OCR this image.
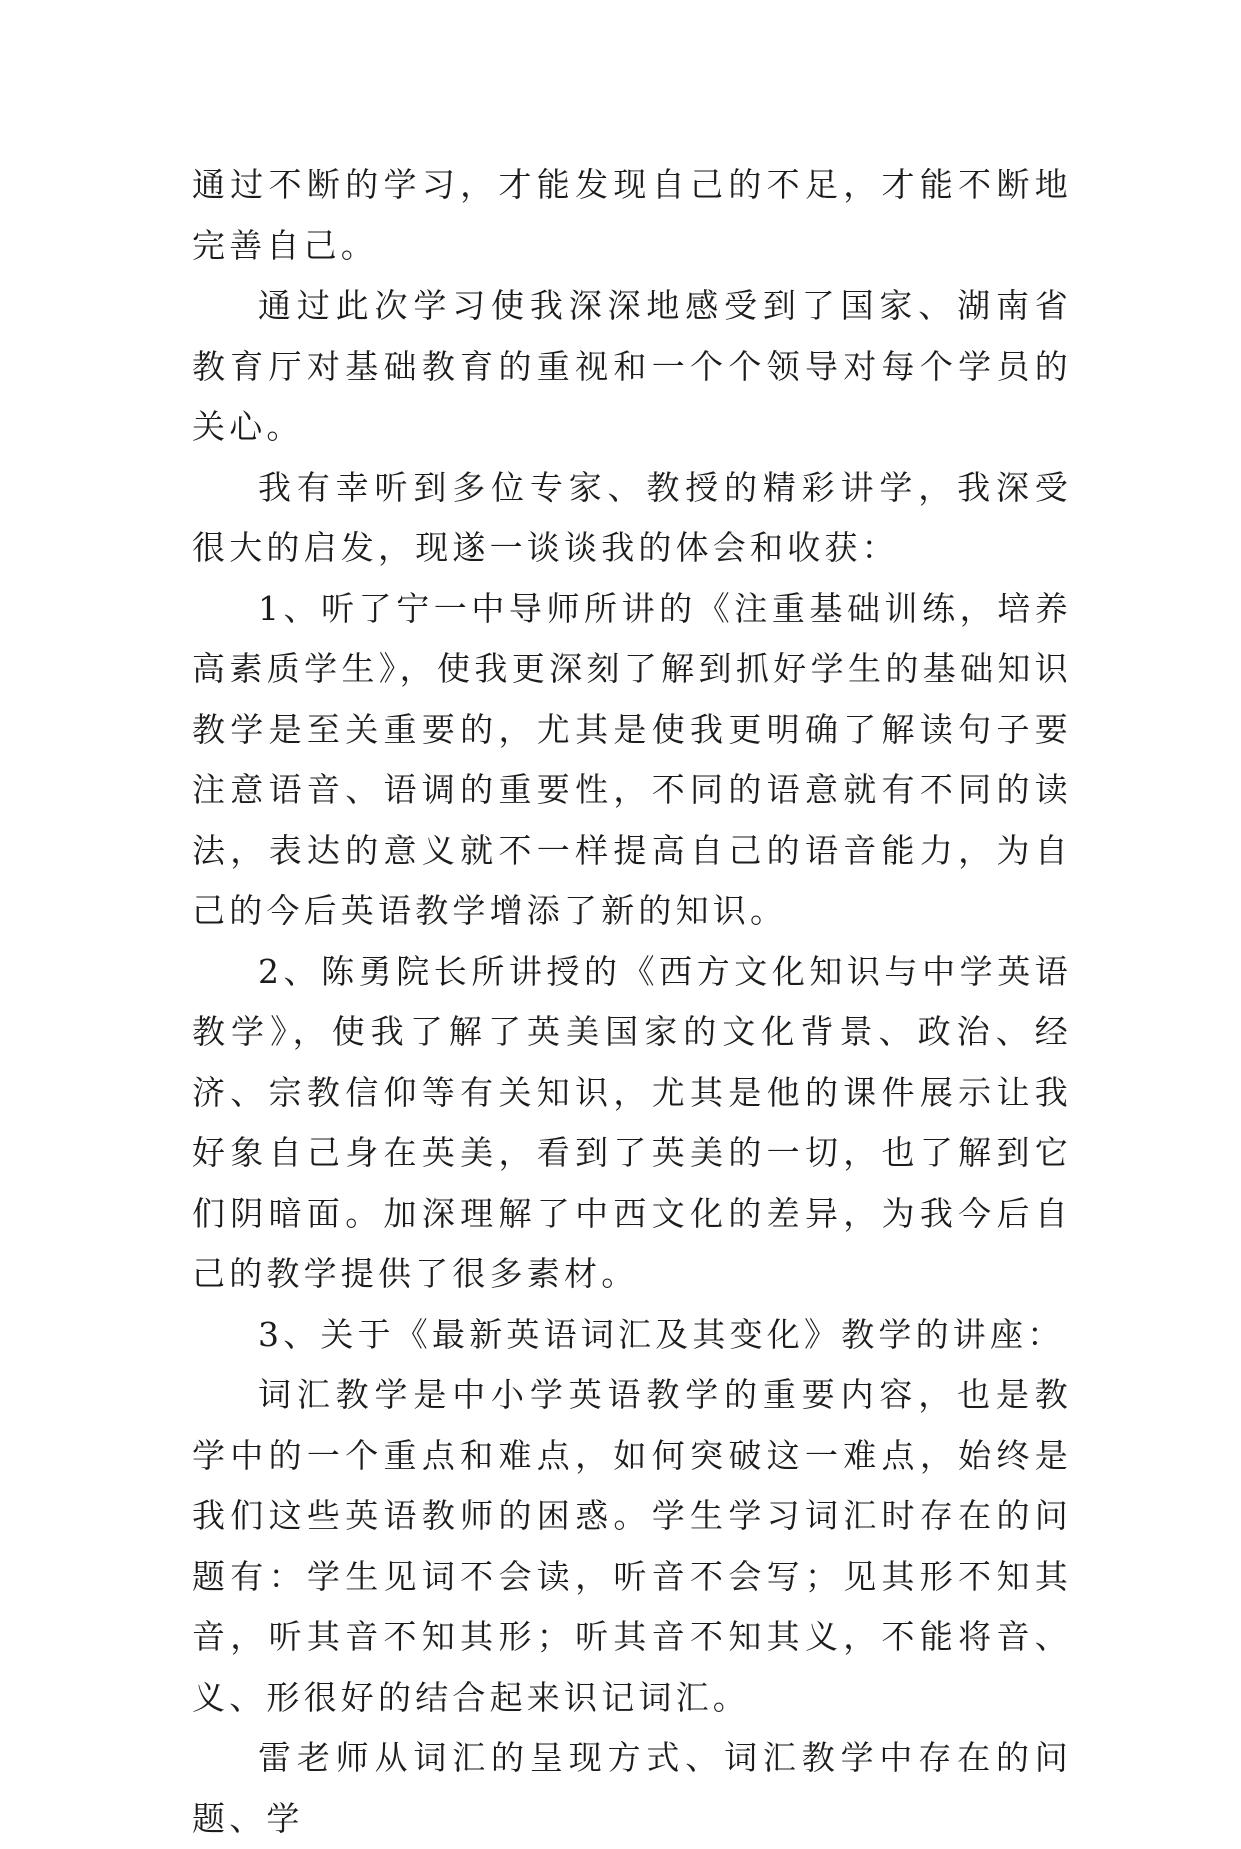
通过不断的学习，才能发现自己的不足，才能不断地完善自己。

通过此次学习使我深深地感受到了国家、湖南省教育厅对基础教育的重视和一个个领导对每个学员的关心。

我有幸听到多位专家、教授的精彩讲学，我深受很大的启发，现遂一谈谈我的体会和收获：

1、听了宁一中导师所讲的《注重基础训练，培养高素质学生》，使我更深刻了解到抓好学生的基础知识教学是至关重要的，尤其是使我更明确了解读句子要注意语音、语调的重要性，不同的语意就有不同的读法，表达的意义就不一样提高自己的语音能力，为自己的今后英语教学增添了新的知识。

2、陈勇院长所讲授的《西方文化知识与中学英语教学》，使我了解了英美国家的文化背景、政治、经济、宗教信仰等有关知识，尤其是他的课件展示让我好象自己身在英美，看到了英美的一切，也了解到它们阴暗面。加深理解了中西文化的差异，为我今后自己的教学提供了很多素材。

3、关于《最新英语词汇及其变化》教学的讲座：

词汇教学是中小学英语教学的重要内容，也是教学中的一个重点和难点，如何突破这一难点，始终是我们这些英语教师的困惑。学生学习词汇时存在的问题有：学生见词不会读，听音不会写；见其形不知其音，听其音不知其形；听其音不知其义，不能将音、义、形很好的结合起来识记词汇。

雷老师从词汇的呈现方式、词汇教学中存在的问题、学
